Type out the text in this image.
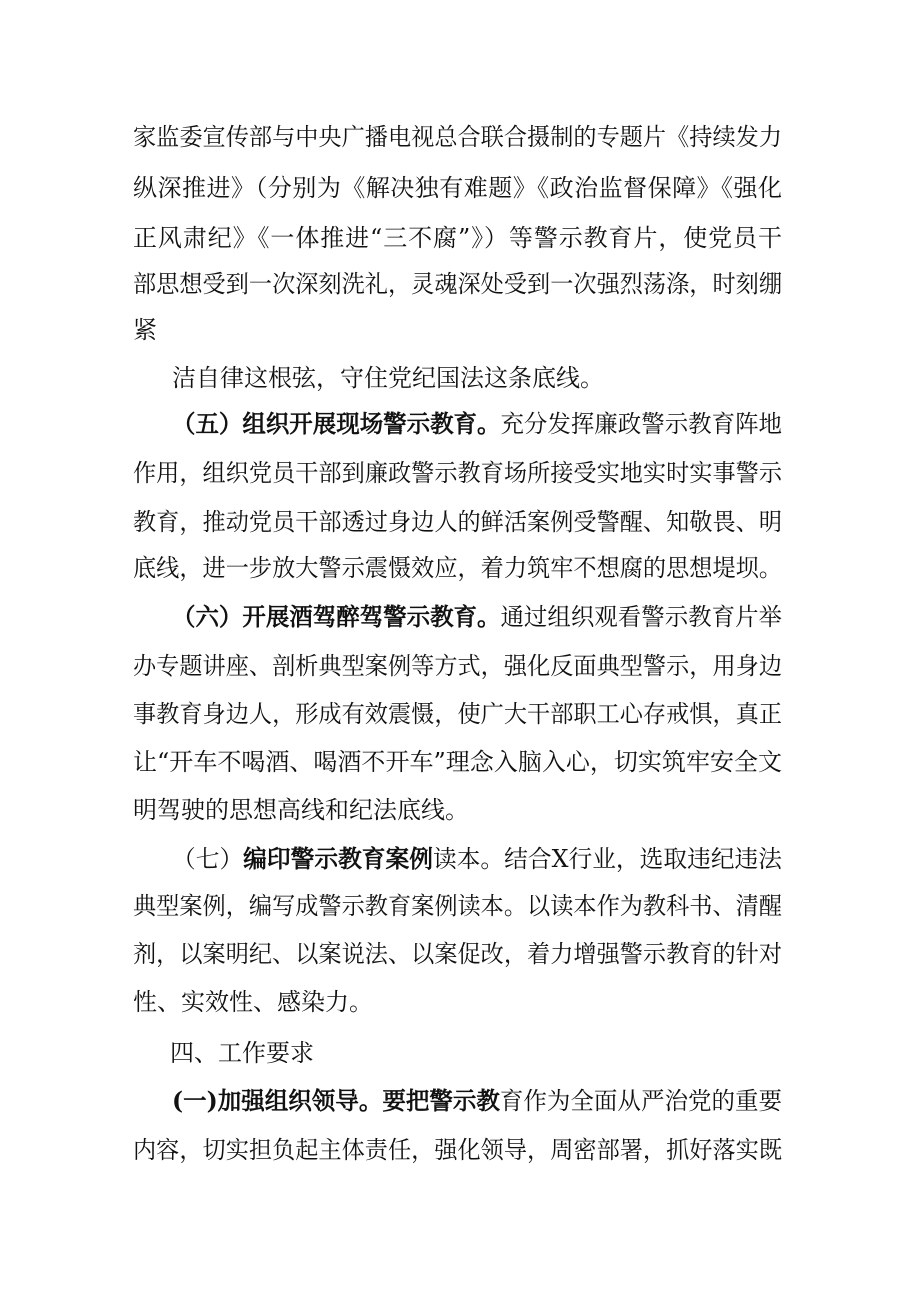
家监委宣传部与中央广播电视总合联合摄制的专题片《持续发力
纵深推进》（分别为《解决独有难题》《政治监督保障》《强化
正风肃纪》《一体推进“三不腐”》）等警示教育片，使党员干
部思想受到一次深刻洗礼，灵魂深处受到一次强烈荡涤，时刻绷
紧
洁自律这根弦，守住党纪国法这条底线。
（五）组织开展现场警示教育。充分发挥廉政警示教育阵地
作用，组织党员干部到廉政警示教育场所接受实地实时实事警示
教育，推动党员干部透过身边人的鲜活案例受警醒、知敬畏、明
底线，进一步放大警示震慑效应，着力筑牢不想腐的思想堤坝。
（六）开展酒驾醉驾警示教育。通过组织观看警示教育片举
办专题讲座、剖析典型案例等方式，强化反面典型警示，用身边
事教育身边人，形成有效震慑，使广大干部职工心存戒惧，真正
让“开车不喝酒、喝酒不开车”理念入脑入心，切实筑牢安全文
明驾驶的思想高线和纪法底线。
（七）编印警示教育案例读本。结合X行业，选取违纪违法
典型案例，编写成警示教育案例读本。以读本作为教科书、清醒
剂，以案明纪、以案说法、以案促改，着力增强警示教育的针对
性、实效性、感染力。
四、工作要求
(一)加强组织领导。要把警示教育作为全面从严治党的重要
内容，切实担负起主体责任，强化领导，周密部署，抓好落实既
